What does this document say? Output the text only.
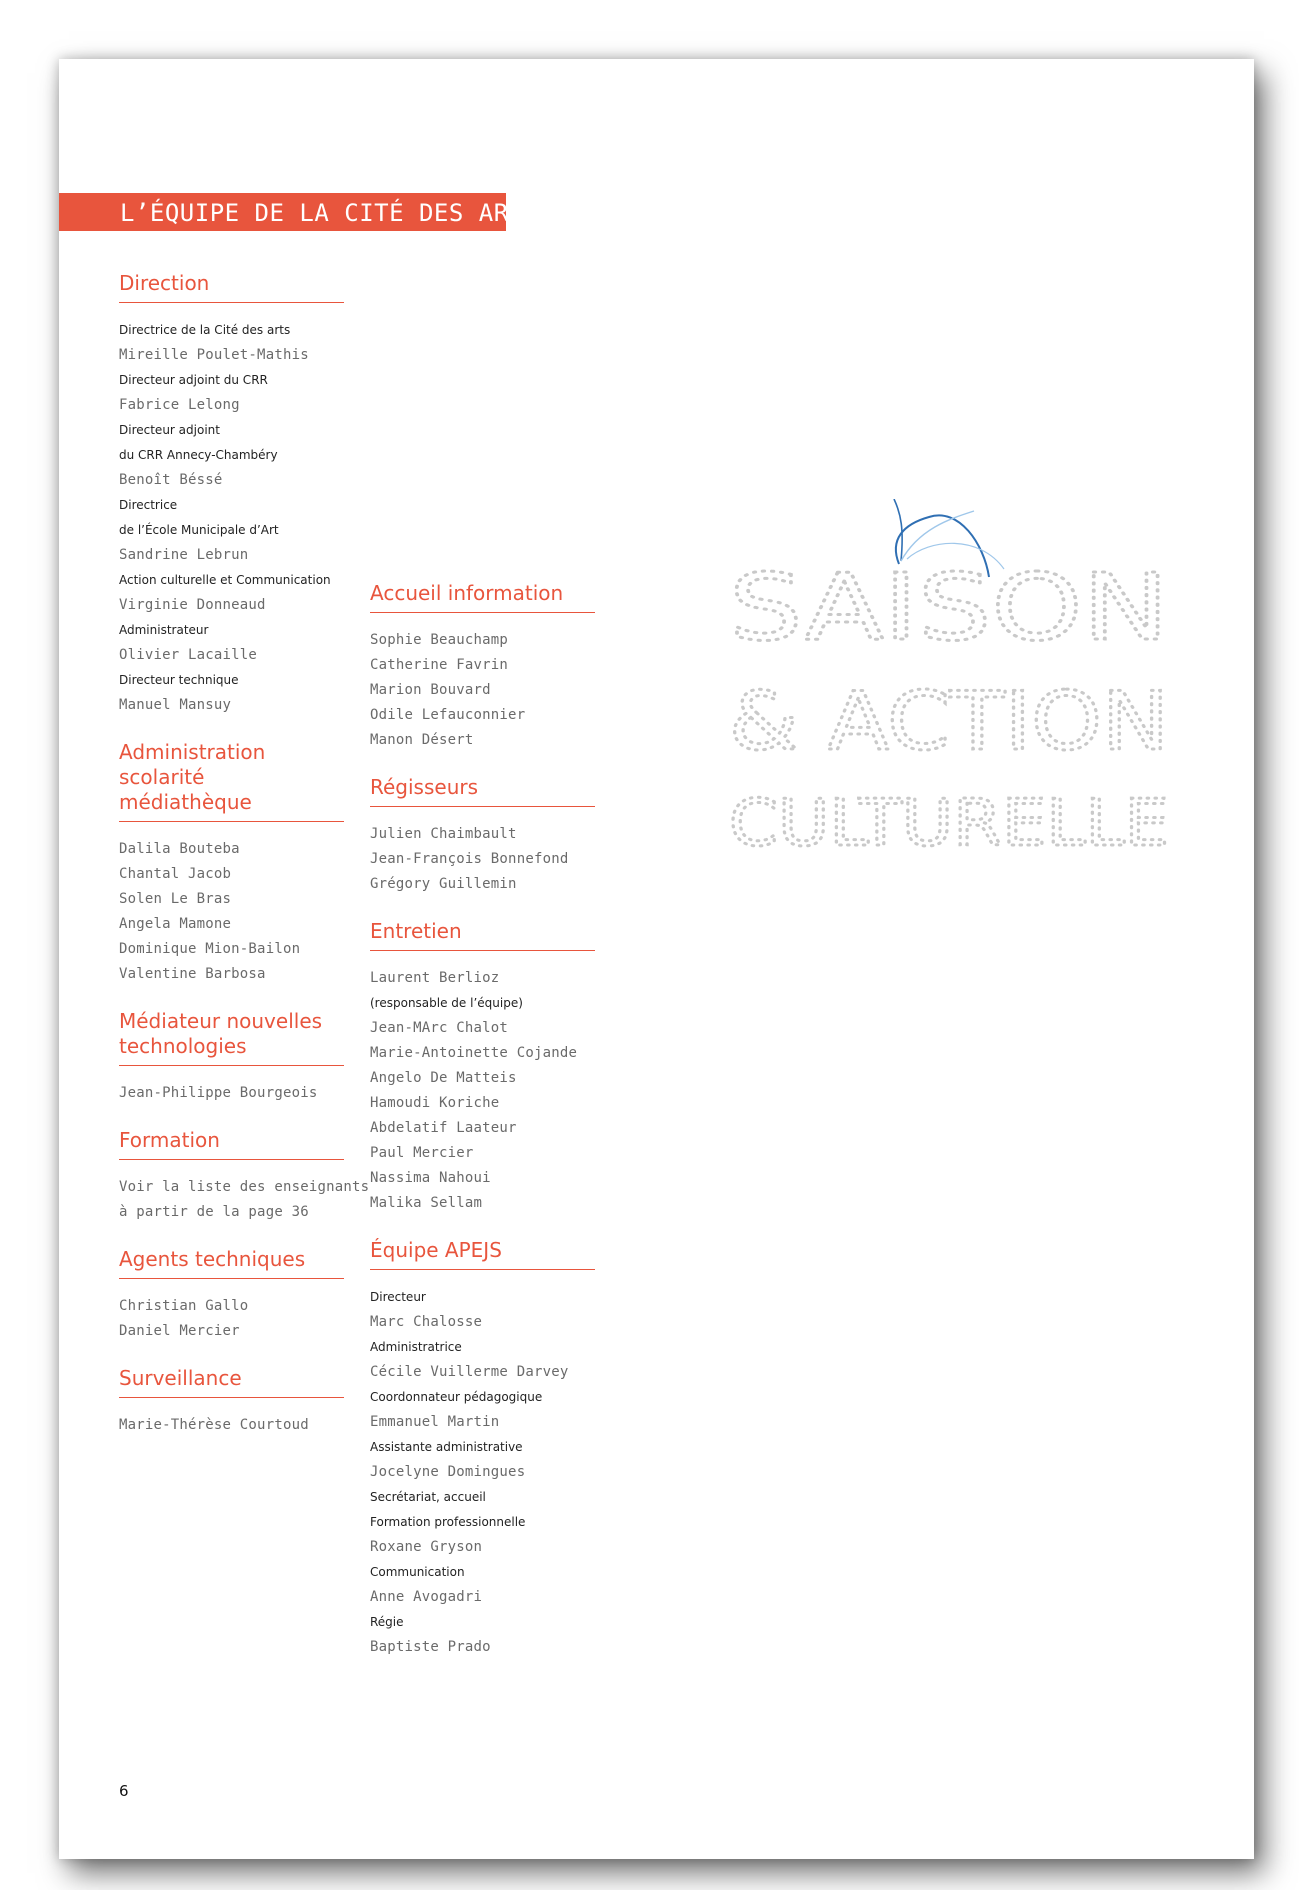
L’ÉQUIPE DE LA CITÉ DES ARTS
Direction
Directrice de la Cité des arts
Mireille Poulet-Mathis
Directeur adjoint du CRR
Fabrice Lelong
Directeur adjoint
du CRR Annecy-Chambéry
Benoît Béssé
Directrice
de l’École Municipale d’Art
Sandrine Lebrun
Action culturelle et Communication
Virginie Donneaud
Administrateur
Olivier Lacaille
Directeur technique
Manuel Mansuy
Administration
scolarité
médiathèque
Dalila Bouteba
Chantal Jacob
Solen Le Bras
Angela Mamone
Dominique Mion-Bailon
Valentine Barbosa
Médiateur nouvelles
technologies
Jean-Philippe Bourgeois
Formation
Voir la liste des enseignants
à partir de la page 36
Agents techniques
Christian Gallo
Daniel Mercier
Surveillance
Marie-Thérèse Courtoud
Accueil information
Sophie Beauchamp
Catherine Favrin
Marion Bouvard
Odile Lefauconnier
Manon Désert
Régisseurs
Julien Chaimbault
Jean-François Bonnefond
Grégory Guillemin
Entretien
Laurent Berlioz
(responsable de l’équipe)
Jean-MArc Chalot
Marie-Antoinette Cojande
Angelo De Matteis
Hamoudi Koriche
Abdelatif Laateur
Paul Mercier
Nassima Nahoui
Malika Sellam
Équipe APEJS
Directeur
Marc Chalosse
Administratrice
Cécile Vuillerme Darvey
Coordonnateur pédagogique
Emmanuel Martin
Assistante administrative
Jocelyne Domingues
Secrétariat, accueil
Formation professionnelle
Roxane Gryson
Communication
Anne Avogadri
Régie
Baptiste Prado
SAISON
& ACTION
CULTURELLE
6
